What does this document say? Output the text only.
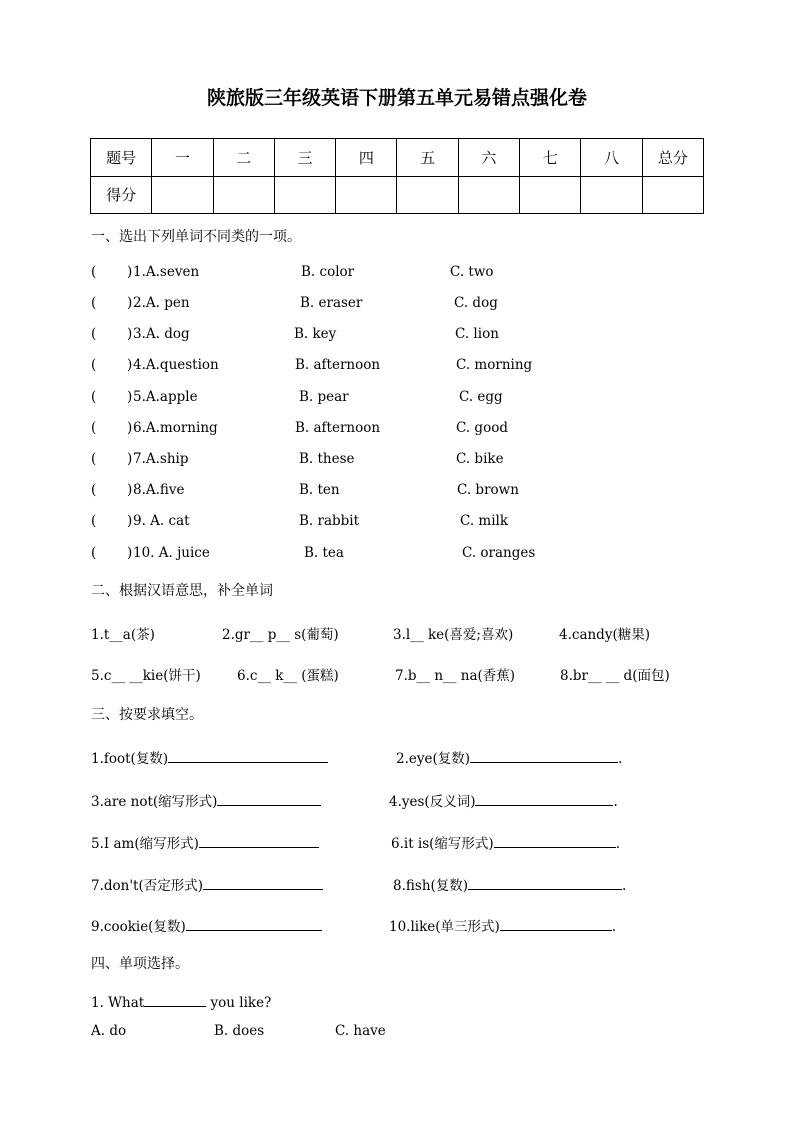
陕旅版三年级英语下册第五单元易错点强化卷
题号	一	二	三	四	五	六	七	八	总分
得分									
一、选出下列单词不同类的一项。
( ) 1.A.seven	B. color	C. two
( ) 2.A. pen	B. eraser	C. dog
( ) 3.A. dog	B. key	C. lion
( ) 4.A.question	B. afternoon	C. morning
( ) 5.A.apple	B. pear	C. egg
( ) 6.A.morning	B. afternoon	C. good
( ) 7.A.ship	B. these	C. bike
( ) 8.A.five	B. ten	C. brown
( ) 9. A. cat	B. rabbit	C. milk
( ) 10. A. juice	B. tea	C. oranges
二、根据汉语意思，补全单词
1.t__a(茶)	2.gr__ p__ s(葡萄)	3.l__ ke(喜爱;喜欢)	4.candy(糖果)
5.c__ __kie(饼干)	6.c__ k__ (蛋糕)	7.b__ n__ na(香蕉)	8.br__ __ d(面包)
三、按要求填空。
1.foot(复数)	2.eye(复数)	.
3.are not(缩写形式)	4.yes(反义词)	.
5.I am(缩写形式)	6.it is(缩写形式)	.
7.don't(否定形式)	8.fish(复数)	.
9.cookie(复数)	10.like(单三形式)	.
四、单项选择。
1. What	you like?
A. do	B. does	C. have
